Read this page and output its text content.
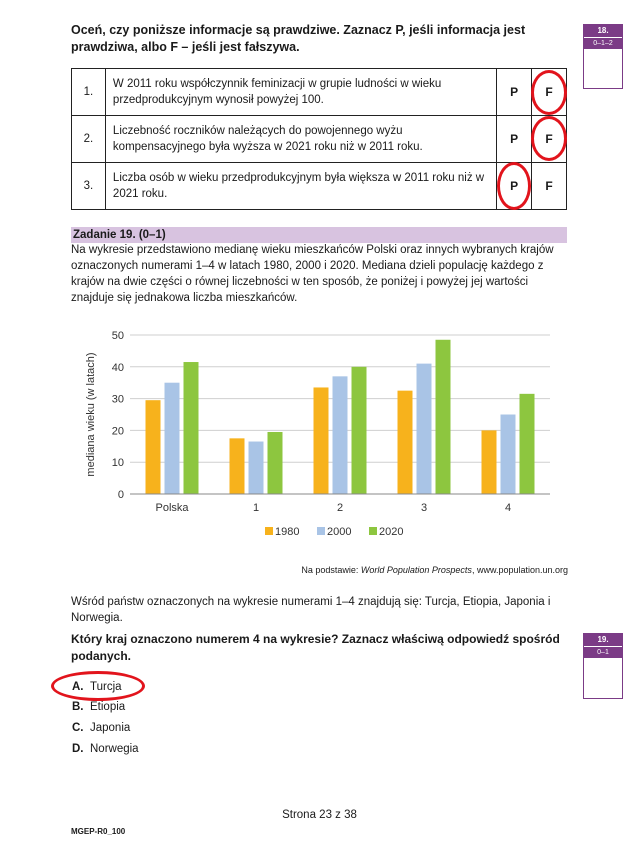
Oceń, czy poniższe informacje są prawdziwe. Zaznacz P, jeśli informacja jest prawdziwa, albo F – jeśli jest fałszywa.
18.
0–1–2
1.	W 2011 roku współczynnik feminizacji w grupie ludności w wieku przedprodukcyjnym wynosił powyżej 100.	P	F
2.	Liczebność roczników należących do powojennego wyżu kompensacyjnego była wyższa w 2021 roku niż w 2011 roku.	P	F
3.	Liczba osób w wieku przedprodukcyjnym była większa w 2011 roku niż w 2021 roku.	P	F
Zadanie 19. (0–1)
Na wykresie przedstawiono medianę wieku mieszkańców Polski oraz innych wybranych krajów oznaczonych numerami 1–4 w latach 1980, 2000 i 2020. Mediana dzieli populację każdego z krajów na dwie części o równej liczebności w ten sposób, że poniżej i powyżej jej wartości znajduje się jednakowa liczba mieszkańców.
0
10
20
30
40
50
mediana wieku (w latach)
Polska	1	2	3	4
1980	2000	2020
Na podstawie: World Population Prospects, www.population.un.org
Wśród państw oznaczonych na wykresie numerami 1–4 znajdują się: Turcja, Etiopia, Japonia i Norwegia.
Który kraj oznaczono numerem 4 na wykresie? Zaznacz właściwą odpowiedź spośród podanych.
19.
0–1
A. Turcja
B. Etiopia
C. Japonia
D. Norwegia
Strona 23 z 38
MGEP-R0_100
